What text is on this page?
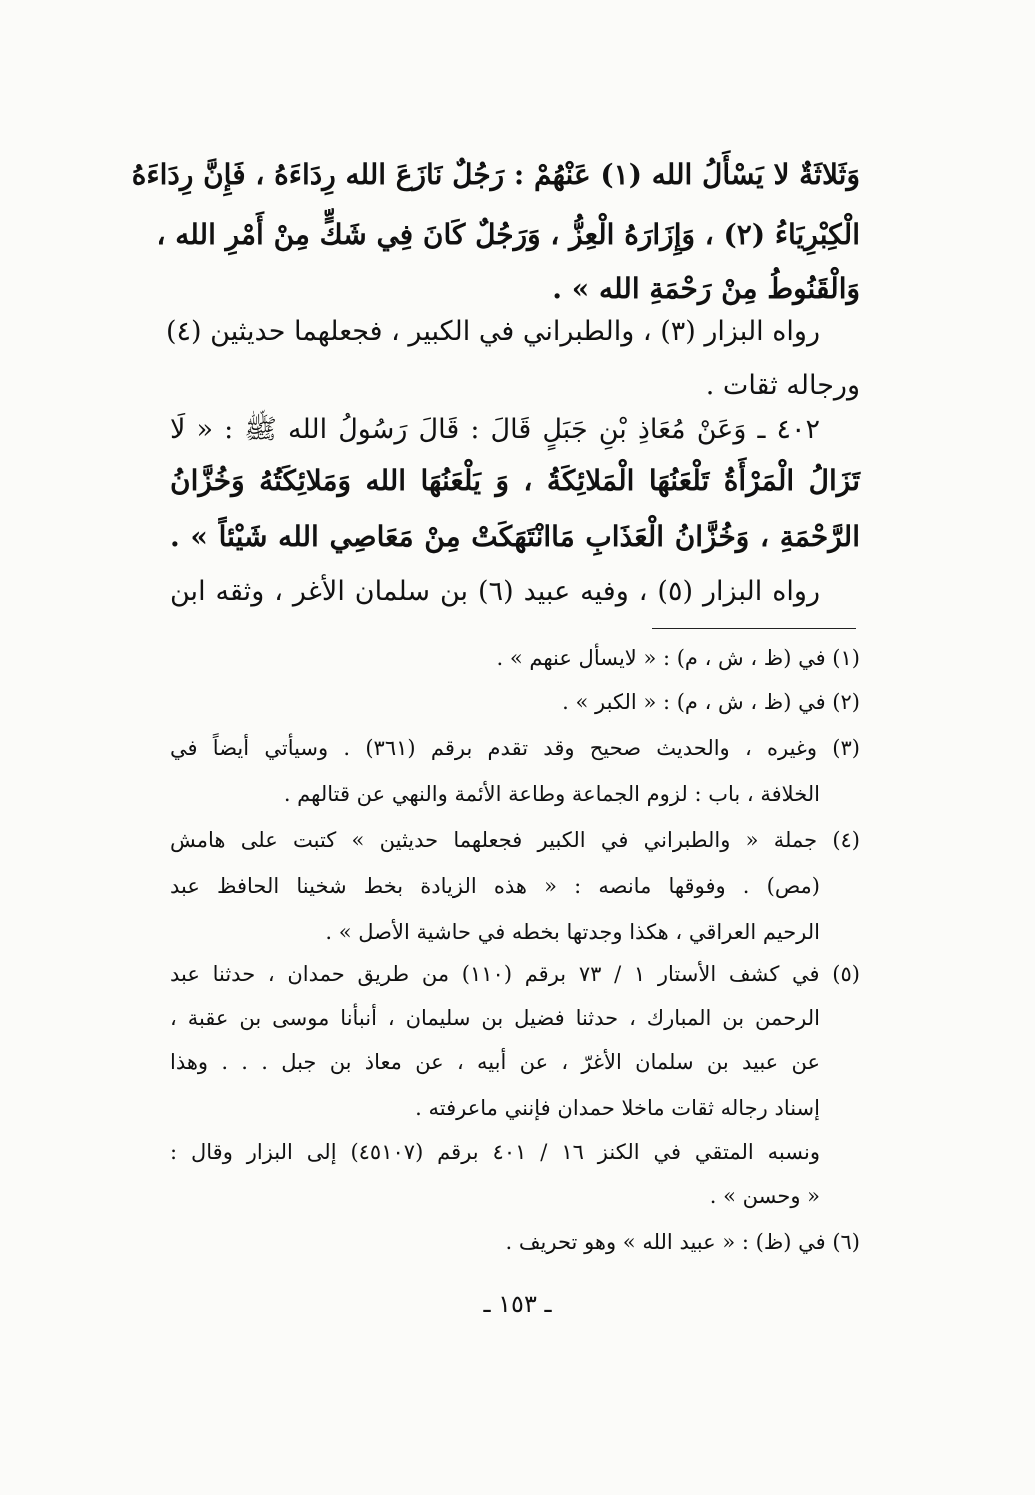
وَثَلاثَةٌ لا يَسْأَلُ الله (١) عَنْهُمْ : رَجُلٌ نَازَعَ الله رِدَاءَهُ ، فَإِنَّ رِدَاءَهُ
الْكِبْرِيَاءُ (٢) ، وَإِزَارَهُ الْعِزُّ ، وَرَجُلٌ كَانَ فِي شَكٍّ مِنْ أَمْرِ الله ،
وَالْقَنُوطُ مِنْ رَحْمَةِ الله » .
رواه البزار (٣) ، والطبراني في الكبير ، فجعلهما حديثين (٤)
ورجاله ثقات .
٤٠٢ ـ وَعَنْ مُعَاذِ بْنِ جَبَلٍ قَالَ : قَالَ رَسُولُ الله ﷺ : « لَا
تَزَالُ الْمَرْأَةُ تَلْعَنُهَا الْمَلائِكَةُ ، وَ يَلْعَنُهَا الله وَمَلائِكَتُهُ وَخُزَّانُ
الرَّحْمَةِ ، وَخُزَّانُ الْعَذَابِ مَاانْتَهَكَتْ مِنْ مَعَاصِي الله شَيْئاً » .
رواه البزار (٥) ، وفيه عبيد (٦) بن سلمان الأغر ، وثقه ابن
(١) في (ظ ، ش ، م) : « لايسأل عنهم » .
(٢) في (ظ ، ش ، م) : « الكبر » .
(٣) وغيره ، والحديث صحيح وقد تقدم برقم (٣٦١) . وسيأتي أيضاً في
الخلافة ، باب : لزوم الجماعة وطاعة الأئمة والنهي عن قتالهم .
(٤) جملة « والطبراني في الكبير فجعلهما حديثين » كتبت على هامش
(مص) . وفوقها مانصه : « هذه الزيادة بخط شخينا الحافظ عبد
الرحيم العراقي ، هكذا وجدتها بخطه في حاشية الأصل » .
(٥) في كشف الأستار ١ / ٧٣ برقم (١١٠) من طريق حمدان ، حدثنا عبد
الرحمن بن المبارك ، حدثنا فضيل بن سليمان ، أنبأنا موسى بن عقبة ،
عن عبيد بن سلمان الأغرّ ، عن أبيه ، عن معاذ بن جبل . . . وهذا
إسناد رجاله ثقات ماخلا حمدان فإنني ماعرفته .
ونسبه المتقي في الكنز ١٦ / ٤٠١ برقم (٤٥١٠٧) إلى البزار وقال :
« وحسن » .
(٦) في (ظ) : « عبيد الله » وهو تحريف .
ـ ١٥٣ ـ
